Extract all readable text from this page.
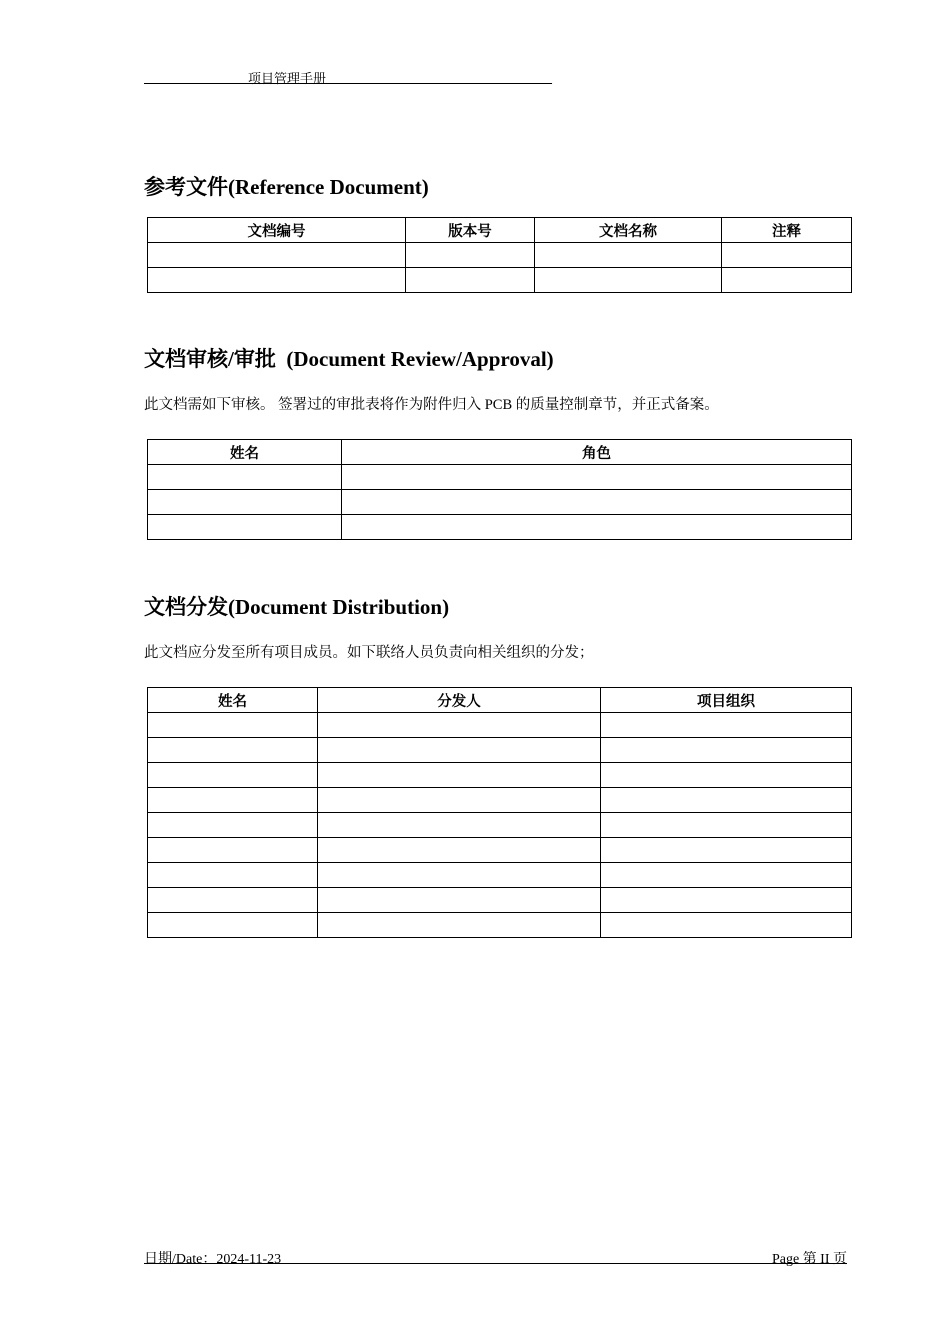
项目管理手册	_
参考文件(Reference Document)
文档编号	版本号	文档名称	注释

文档审核/审批  (Document Review/Approval)

此文档需如下审核。 签署过的审批表将作为附件归入 PCB 的质量控制章节，并正式备案。

姓名	角色

文档分发(Document Distribution)

此文档应分发至所有项目成员。如下联络人员负责向相关组织的分发；

姓名	分发人	项目组织

日期/Date：2024-11-23	Page 第 II 页
